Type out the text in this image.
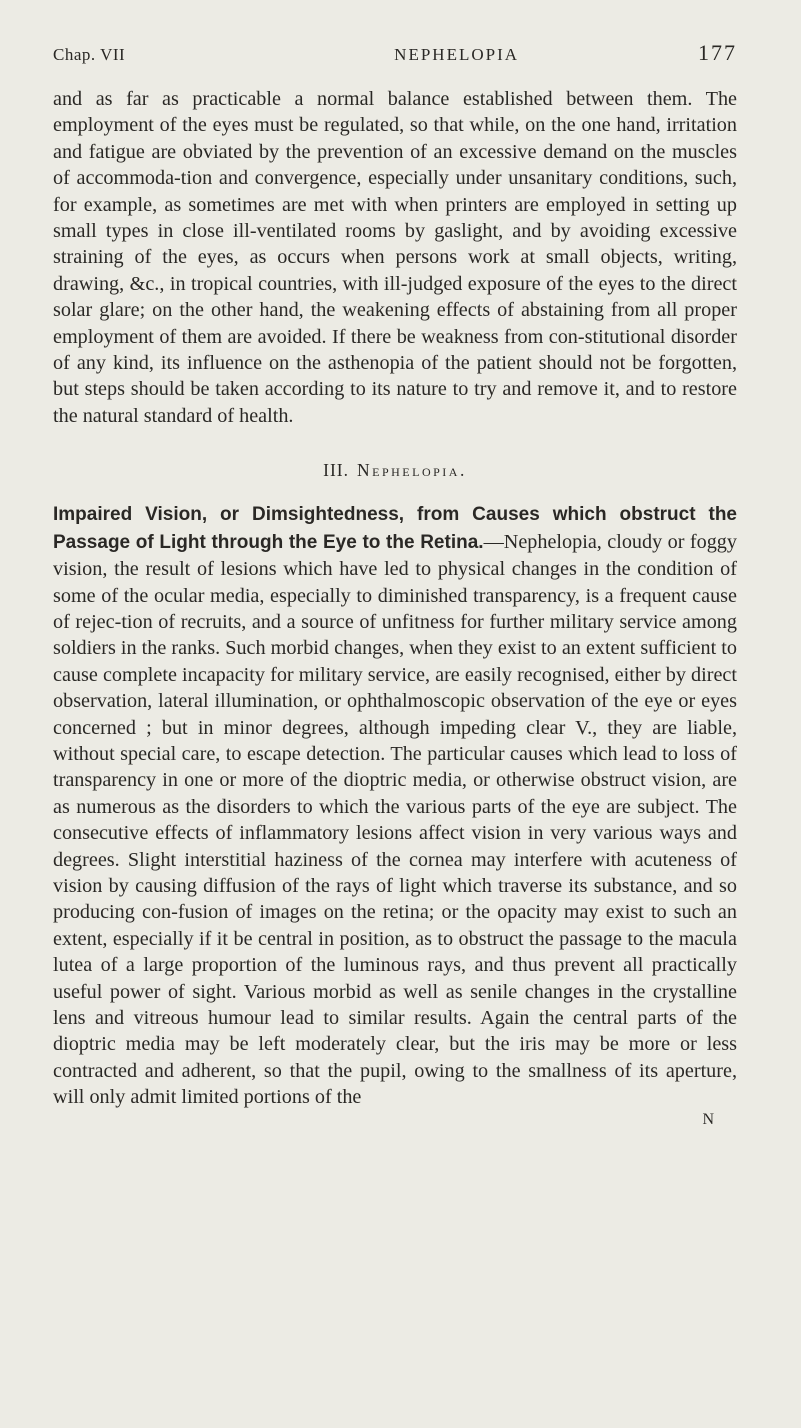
Chap. VII	NEPHELOPIA	177

and as far as practicable a normal balance established between them. The employment of the eyes must be regulated, so that while, on the one hand, irritation and fatigue are obviated by the prevention of an excessive demand on the muscles of accommoda-tion and convergence, especially under unsanitary conditions, such, for example, as sometimes are met with when printers are employed in setting up small types in close ill-ventilated rooms by gaslight, and by avoiding excessive straining of the eyes, as occurs when persons work at small objects, writing, drawing, &c., in tropical countries, with ill-judged exposure of the eyes to the direct solar glare; on the other hand, the weakening effects of abstaining from all proper employment of them are avoided. If there be weakness from con-stitutional disorder of any kind, its influence on the asthenopia of the patient should not be forgotten, but steps should be taken according to its nature to try and remove it, and to restore the natural standard of health.

III. Nephelopia.

Impaired Vision, or Dimsightedness, from Causes which obstruct the Passage of Light through the Eye to the Retina.—Nephelopia, cloudy or foggy vision, the result of lesions which have led to physical changes in the condition of some of the ocular media, especially to diminished transparency, is a frequent cause of rejec-tion of recruits, and a source of unfitness for further military service among soldiers in the ranks. Such morbid changes, when they exist to an extent sufficient to cause complete incapacity for military service, are easily recognised, either by direct observation, lateral illumination, or ophthalmoscopic observation of the eye or eyes concerned ; but in minor degrees, although impeding clear V., they are liable, without special care, to escape detection. The particular causes which lead to loss of transparency in one or more of the dioptric media, or otherwise obstruct vision, are as numerous as the disorders to which the various parts of the eye are subject. The consecutive effects of inflammatory lesions affect vision in very various ways and degrees. Slight interstitial haziness of the cornea may interfere with acuteness of vision by causing diffusion of the rays of light which traverse its substance, and so producing con-fusion of images on the retina; or the opacity may exist to such an extent, especially if it be central in position, as to obstruct the passage to the macula lutea of a large proportion of the luminous rays, and thus prevent all practically useful power of sight. Various morbid as well as senile changes in the crystalline lens and vitreous humour lead to similar results. Again the central parts of the dioptric media may be left moderately clear, but the iris may be more or less contracted and adherent, so that the pupil, owing to the smallness of its aperture, will only admit limited portions of the

N
